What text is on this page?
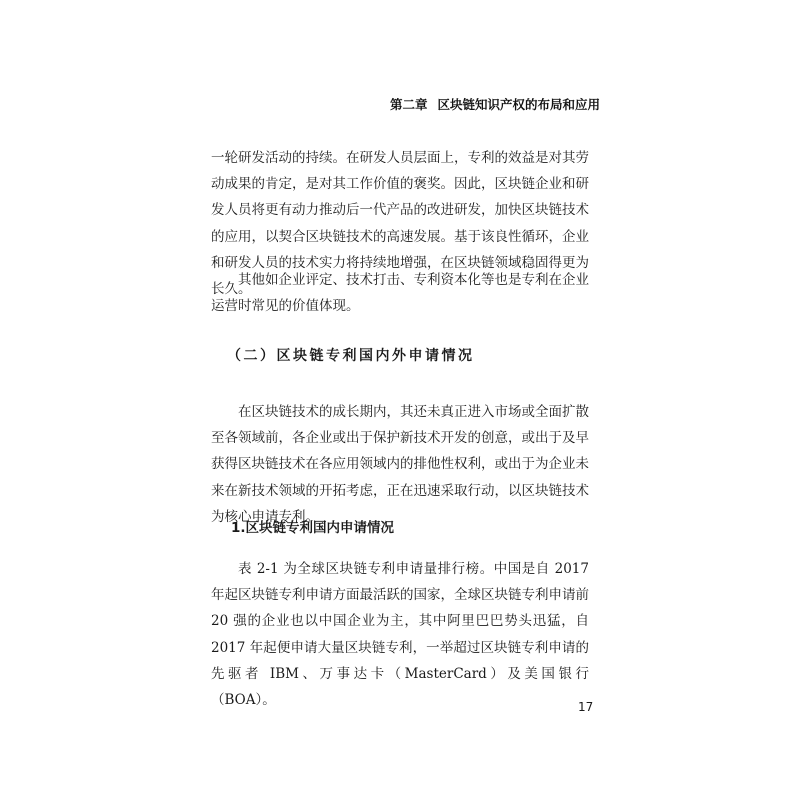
第二章 区块链知识产权的布局和应用

一轮研发活动的持续。在研发人员层面上，专利的效益是对其劳动成果的肯定，是对其工作价值的褒奖。因此，区块链企业和研发人员将更有动力推动后一代产品的改进研发，加快区块链技术的应用，以契合区块链技术的高速发展。基于该良性循环，企业和研发人员的技术实力将持续地增强，在区块链领域稳固得更为长久。

其他如企业评定、技术打击、专利资本化等也是专利在企业运营时常见的价值体现。

（二）区块链专利国内外申请情况

在区块链技术的成长期内，其还未真正进入市场或全面扩散至各领域前，各企业或出于保护新技术开发的创意，或出于及早获得区块链技术在各应用领域内的排他性权利，或出于为企业未来在新技术领域的开拓考虑，正在迅速采取行动，以区块链技术为核心申请专利。

1.区块链专利国内申请情况

表 2-1 为全球区块链专利申请量排行榜。中国是自 2017 年起区块链专利申请方面最活跃的国家，全球区块链专利申请前 20 强的企业也以中国企业为主，其中阿里巴巴势头迅猛，自 2017 年起便申请大量区块链专利，一举超过区块链专利申请的先驱者 IBM、万事达卡（MasterCard）及美国银行（BOA）。	17
